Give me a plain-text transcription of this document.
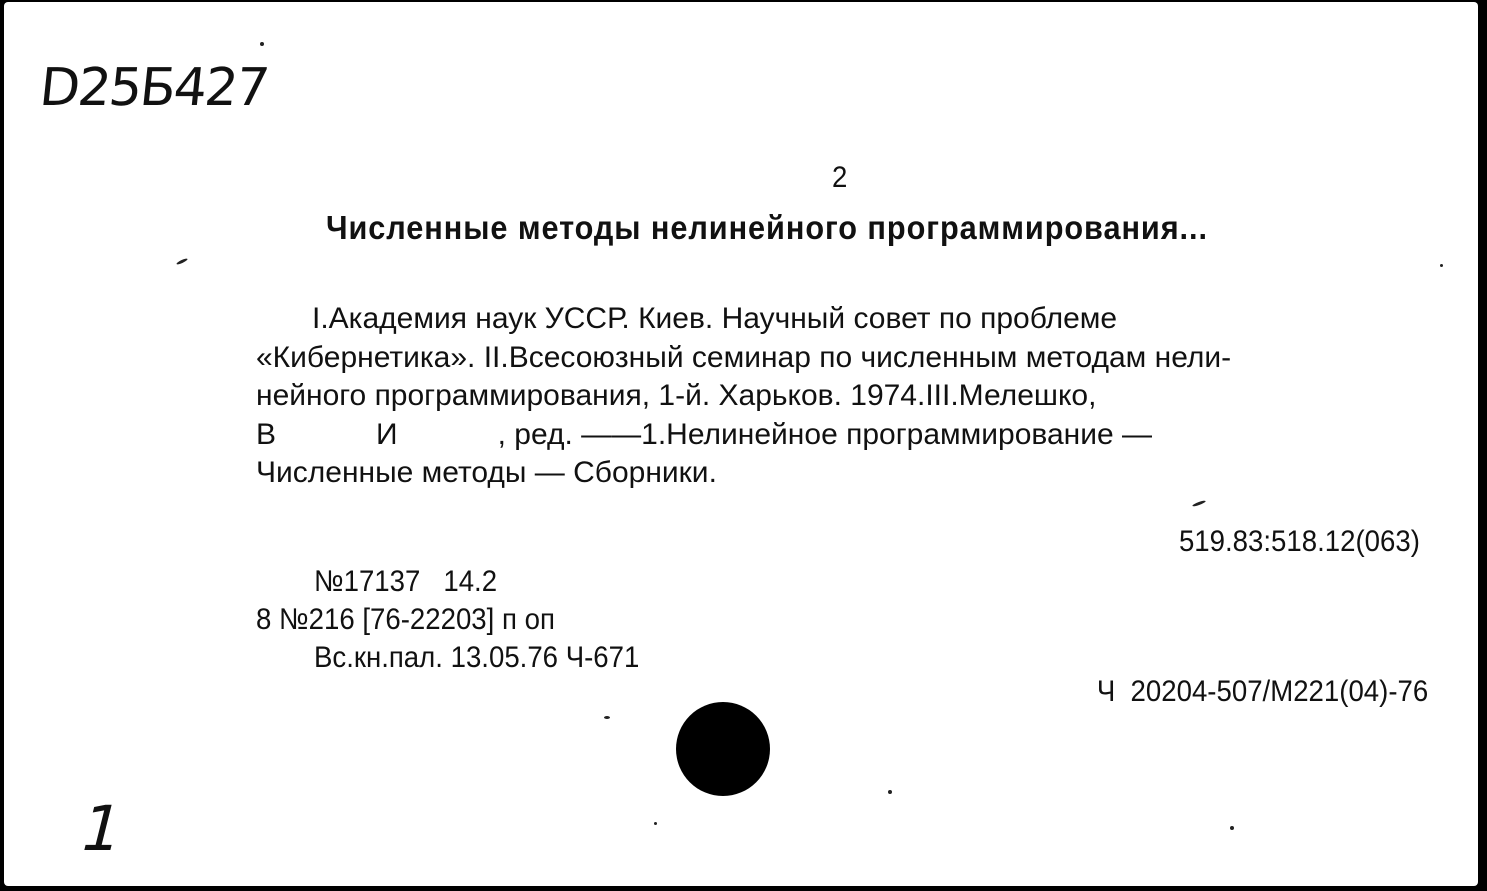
D25Б427
2
Численные методы нелинейного программирования...
I.Академия наук УССР. Киев. Научный совет по проблеме
«Кибернетика». II.Всесоюзный семинар по численным методам нели-
нейного программирования, 1-й. Харьков. 1974.III.Мелешко,
В            И            , ред. ——1.Нелинейное программирование —
Численные методы — Сборники.
519.83:518.12(063)
№17137   14.2
8 №216 [76-22203] п оп
Вс.кн.пал. 13.05.76 Ч-671
Ч  20204-507/М221(04)-76
1
